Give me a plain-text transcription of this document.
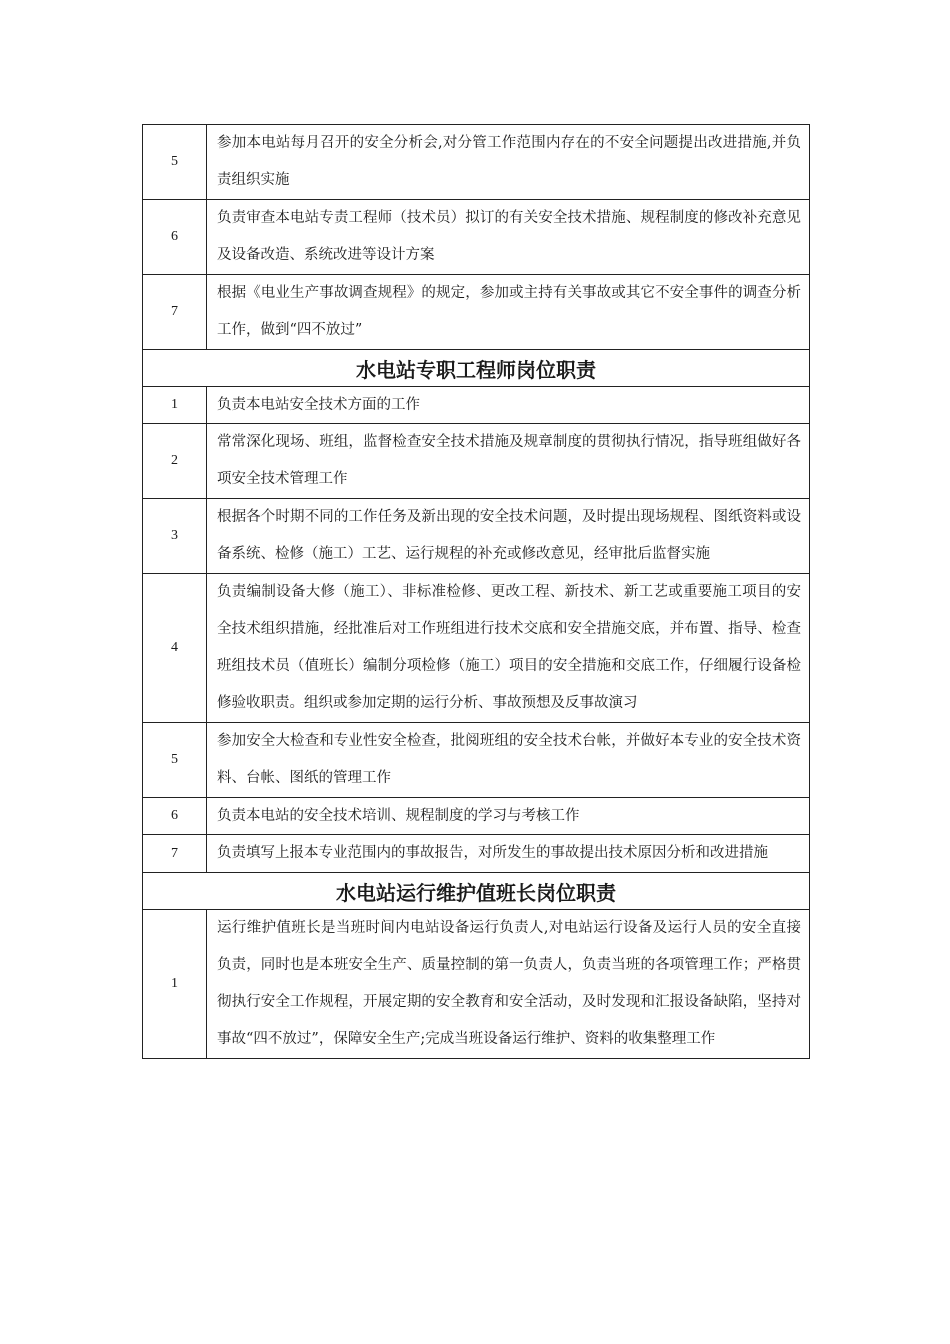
5	参加本电站每月召开的安全分析会,对分管工作范围内存在的不安全问题提出改进措施,并负责组织实施
6	负责审查本电站专责工程师（技术员）拟订的有关安全技术措施、规程制度的修改补充意见及设备改造、系统改进等设计方案
7	根据《电业生产事故调查规程》的规定，参加或主持有关事故或其它不安全事件的调查分析工作，做到“四不放过”
水电站专职工程师岗位职责	
1	负责本电站安全技术方面的工作
2	常常深化现场、班组，监督检查安全技术措施及规章制度的贯彻执行情况，指导班组做好各项安全技术管理工作
3	根据各个时期不同的工作任务及新出现的安全技术问题，及时提出现场规程、图纸资料或设备系统、检修（施工）工艺、运行规程的补充或修改意见，经审批后监督实施
4	负责编制设备大修（施工）、非标准检修、更改工程、新技术、新工艺或重要施工项目的安全技术组织措施，经批准后对工作班组进行技术交底和安全措施交底，并布置、指导、检查班组技术员（值班长）编制分项检修（施工）项目的安全措施和交底工作，仔细履行设备检修验收职责。组织或参加定期的运行分析、事故预想及反事故演习
5	参加安全大检查和专业性安全检查，批阅班组的安全技术台帐，并做好本专业的安全技术资料、台帐、图纸的管理工作
6	负责本电站的安全技术培训、规程制度的学习与考核工作
7	负责填写上报本专业范围内的事故报告，对所发生的事故提出技术原因分析和改进措施
水电站运行维护值班长岗位职责	
1	运行维护值班长是当班时间内电站设备运行负责人,对电站运行设备及运行人员的安全直接负责，同时也是本班安全生产、质量控制的第一负责人，负责当班的各项管理工作；严格贯彻执行安全工作规程，开展定期的安全教育和安全活动，及时发现和汇报设备缺陷，坚持对事故“四不放过”，保障安全生产;完成当班设备运行维护、资料的收集整理工作
